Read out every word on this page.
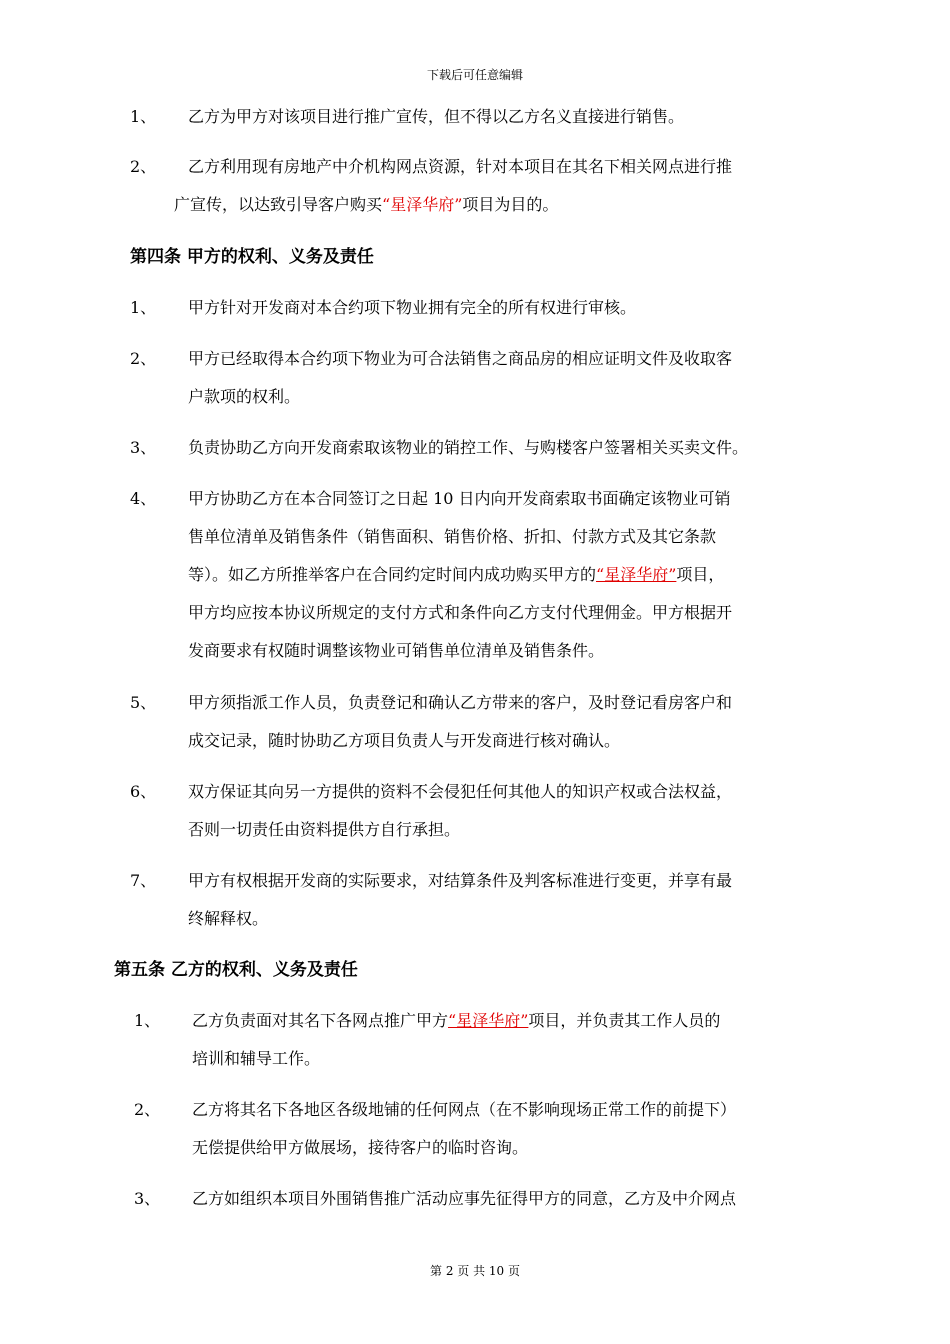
下载后可任意编辑
1、 乙方为甲方对该项目进行推广宣传，但不得以乙方名义直接进行销售。
2、 乙方利用现有房地产中介机构网点资源，针对本项目在其名下相关网点进行推
广宣传，以达致引导客户购买“星泽华府”项目为目的。
第四条 甲方的权利、义务及责任
1、 甲方针对开发商对本合约项下物业拥有完全的所有权进行审核。
2、 甲方已经取得本合约项下物业为可合法销售之商品房的相应证明文件及收取客
户款项的权利。
3、 负责协助乙方向开发商索取该物业的销控工作、与购楼客户签署相关买卖文件。
4、 甲方协助乙方在本合同签订之日起 10 日内向开发商索取书面确定该物业可销
售单位清单及销售条件（销售面积、销售价格、折扣、付款方式及其它条款
等）。如乙方所推举客户在合同约定时间内成功购买甲方的“星泽华府”项目，
甲方均应按本协议所规定的支付方式和条件向乙方支付代理佣金。甲方根据开
发商要求有权随时调整该物业可销售单位清单及销售条件。
5、 甲方须指派工作人员，负责登记和确认乙方带来的客户，及时登记看房客户和
成交记录，随时协助乙方项目负责人与开发商进行核对确认。
6、 双方保证其向另一方提供的资料不会侵犯任何其他人的知识产权或合法权益，
否则一切责任由资料提供方自行承担。
7、 甲方有权根据开发商的实际要求，对结算条件及判客标准进行变更，并享有最
终解释权。
第五条 乙方的权利、义务及责任
1、 乙方负责面对其名下各网点推广甲方“星泽华府”项目，并负责其工作人员的
培训和辅导工作。
2、 乙方将其名下各地区各级地铺的任何网点（在不影响现场正常工作的前提下）
无偿提供给甲方做展场，接待客户的临时咨询。
3、 乙方如组织本项目外围销售推广活动应事先征得甲方的同意，乙方及中介网点
第 2 页 共 10 页
